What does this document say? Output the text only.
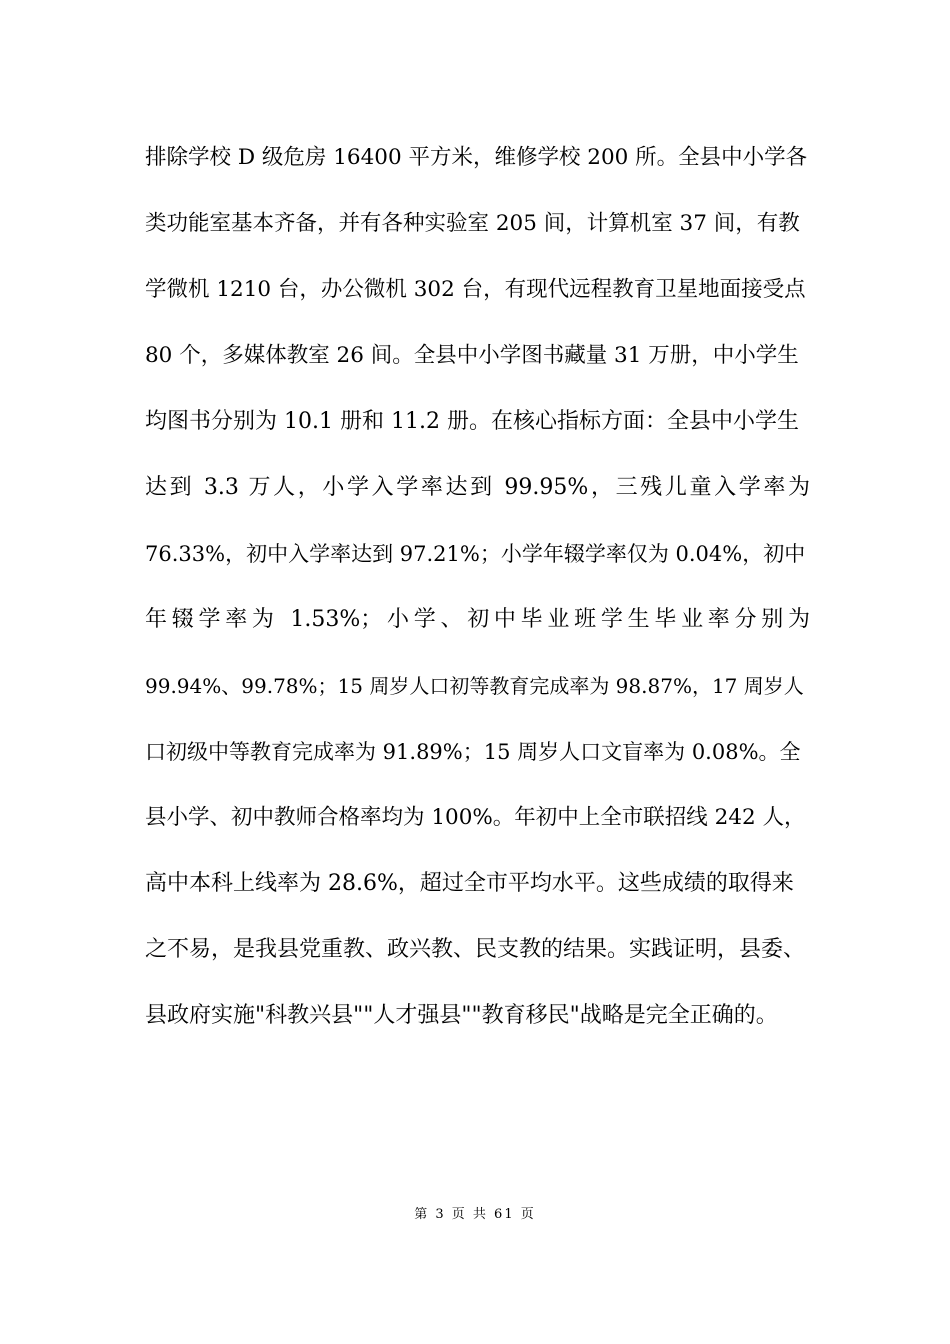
排除学校 D 级危房 16400 平方米，维修学校 200 所。全县中小学各
类功能室基本齐备，并有各种实验室 205 间，计算机室 37 间，有教
学微机 1210 台，办公微机 302 台，有现代远程教育卫星地面接受点
80 个，多媒体教室 26 间。全县中小学图书藏量 31 万册，中小学生
均图书分别为 10.1 册和 11.2 册。在核心指标方面：全县中小学生
达到 3.3 万人，小学入学率达到 99.95%，三残儿童入学率为
76.33%，初中入学率达到 97.21%；小学年辍学率仅为 0.04%，初中
年辍学率为 1.53%；小学、初中毕业班学生毕业率分别为
99.94%、99.78%；15 周岁人口初等教育完成率为 98.87%，17 周岁人
口初级中等教育完成率为 91.89%；15 周岁人口文盲率为 0.08%。全
县小学、初中教师合格率均为 100%。年初中上全市联招线 242 人，
高中本科上线率为 28.6%，超过全市平均水平。这些成绩的取得来
之不易，是我县党重教、政兴教、民支教的结果。实践证明，县委、
县政府实施"科教兴县""人才强县""教育移民"战略是完全正确的。
第 3 页 共 61 页
